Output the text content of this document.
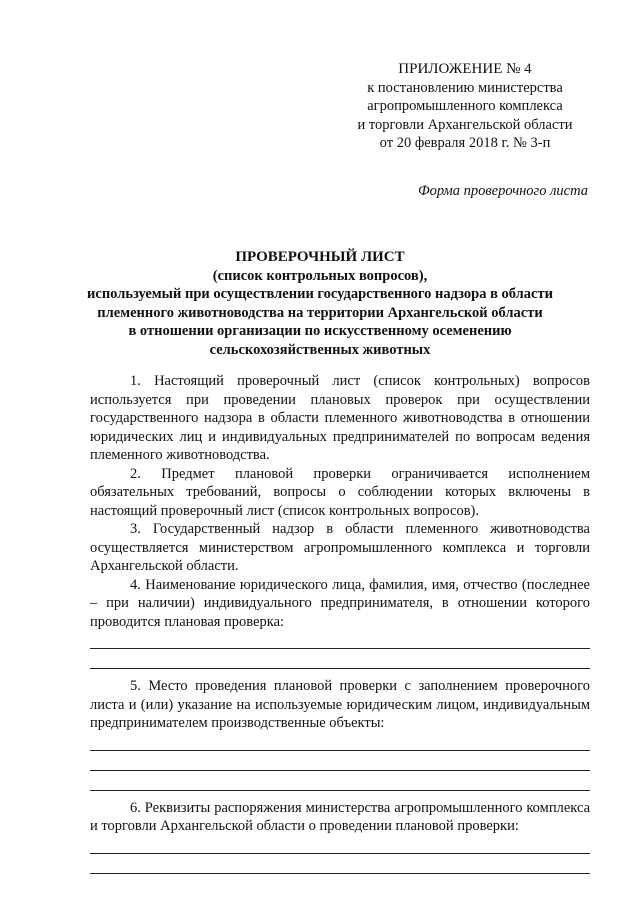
ПРИЛОЖЕНИЕ № 4
к постановлению министерства
агропромышленного комплекса
и торговли Архангельской области
от 20 февраля 2018 г. № 3-п
Форма проверочного листа
ПРОВЕРОЧНЫЙ ЛИСТ
(список контрольных вопросов),
используемый при осуществлении государственного надзора в области
племенного животноводства на территории Архангельской области
в отношении организации по искусственному осеменению
сельскохозяйственных животных

1. Настоящий проверочный лист (список контрольных) вопросов используется при проведении плановых проверок при осуществлении государственного надзора в области племенного животноводства в отношении юридических лиц и индивидуальных предпринимателей по вопросам ведения племенного животноводства.

2. Предмет плановой проверки ограничивается исполнением обязательных требований, вопросы о соблюдении которых включены в настоящий проверочный лист (список контрольных вопросов).

3. Государственный надзор в области племенного животноводства осуществляется министерством агропромышленного комплекса и торговли Архангельской области.

4. Наименование юридического лица, фамилия, имя, отчество (последнее – при наличии) индивидуального предпринимателя, в отношении которого проводится плановая проверка:

5. Место проведения плановой проверки с заполнением проверочного листа и (или) указание на используемые юридическим лицом, индивидуальным предпринимателем производственные объекты:

6. Реквизиты распоряжения министерства агропромышленного комплекса и торговли Архангельской области о проведении плановой проверки:
